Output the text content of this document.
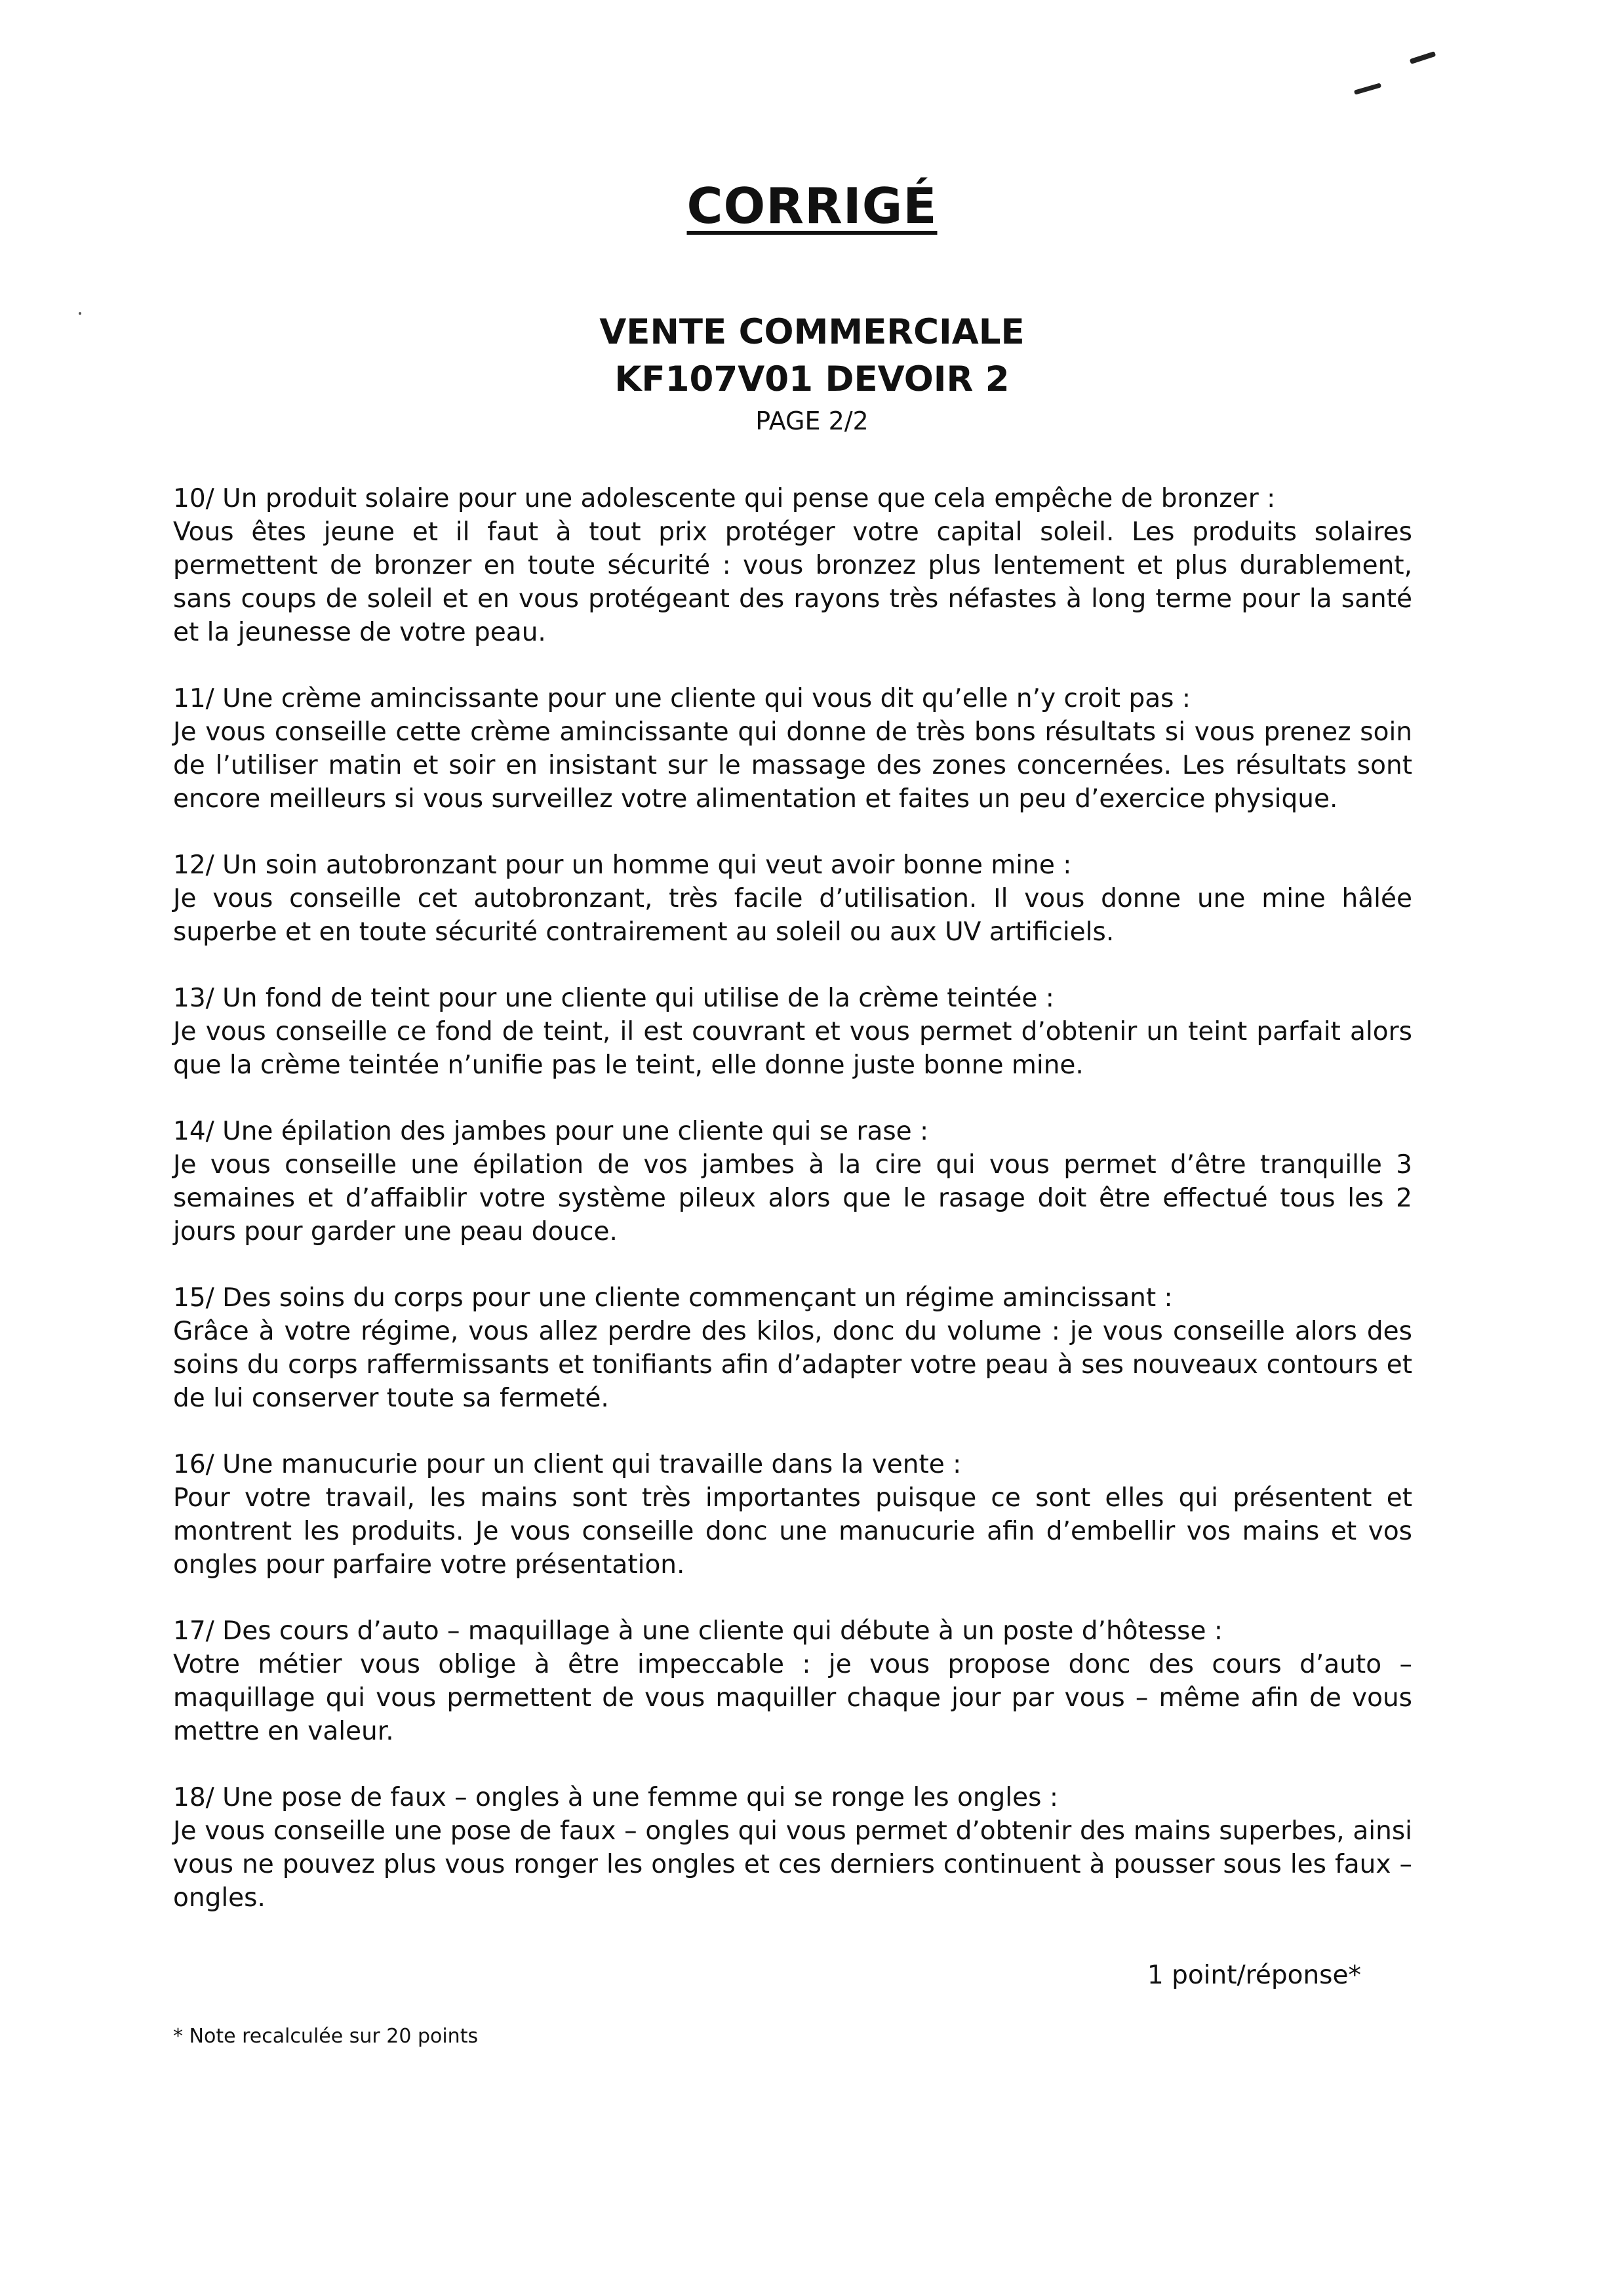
CORRIGÉ
VENTE COMMERCIALE
KF107V01 DEVOIR 2
PAGE 2/2

10/ Un produit solaire pour une adolescente qui pense que cela empêche de bronzer :

Vous êtes jeune et il faut à tout prix protéger votre capital soleil. Les produits solaires permettent de bronzer en toute sécurité : vous bronzez plus lentement et plus durablement, sans coups de soleil et en vous protégeant des rayons très néfastes à long terme pour la santé et la jeunesse de votre peau.

11/ Une crème amincissante pour une cliente qui vous dit qu’elle n’y croit pas :

Je vous conseille cette crème amincissante qui donne de très bons résultats si vous prenez soin de l’utiliser matin et soir en insistant sur le massage des zones concernées. Les résultats sont encore meilleurs si vous surveillez votre alimentation et faites un peu d’exercice physique.

12/ Un soin autobronzant pour un homme qui veut avoir bonne mine :

Je vous conseille cet autobronzant, très facile d’utilisation. Il vous donne une mine hâlée superbe et en toute sécurité contrairement au soleil ou aux UV artificiels.

13/ Un fond de teint pour une cliente qui utilise de la crème teintée :

Je vous conseille ce fond de teint, il est couvrant et vous permet d’obtenir un teint parfait alors que la crème teintée n’unifie pas le teint, elle donne juste bonne mine.

14/ Une épilation des jambes pour une cliente qui se rase :

Je vous conseille une épilation de vos jambes à la cire qui vous permet d’être tranquille 3 semaines et d’affaiblir votre système pileux alors que le rasage doit être effectué tous les 2 jours pour garder une peau douce.

15/ Des soins du corps pour une cliente commençant un régime amincissant :

Grâce à votre régime, vous allez perdre des kilos, donc du volume : je vous conseille alors des soins du corps raffermissants et tonifiants afin d’adapter votre peau à ses nouveaux contours et de lui conserver toute sa fermeté.

16/ Une manucurie pour un client qui travaille dans la vente :

Pour votre travail, les mains sont très importantes puisque ce sont elles qui présentent et montrent les produits. Je vous conseille donc une manucurie afin d’embellir vos mains et vos ongles pour parfaire votre présentation.

17/ Des cours d’auto – maquillage à une cliente qui débute à un poste d’hôtesse :

Votre métier vous oblige à être impeccable : je vous propose donc des cours d’auto – maquillage qui vous permettent de vous maquiller chaque jour par vous – même afin de vous mettre en valeur.

18/ Une pose de faux – ongles à une femme qui se ronge les ongles :

Je vous conseille une pose de faux – ongles qui vous permet d’obtenir des mains superbes, ainsi vous ne pouvez plus vous ronger les ongles et ces derniers continuent à pousser sous les faux – ongles.

1 point/réponse*
* Note recalculée sur 20 points
